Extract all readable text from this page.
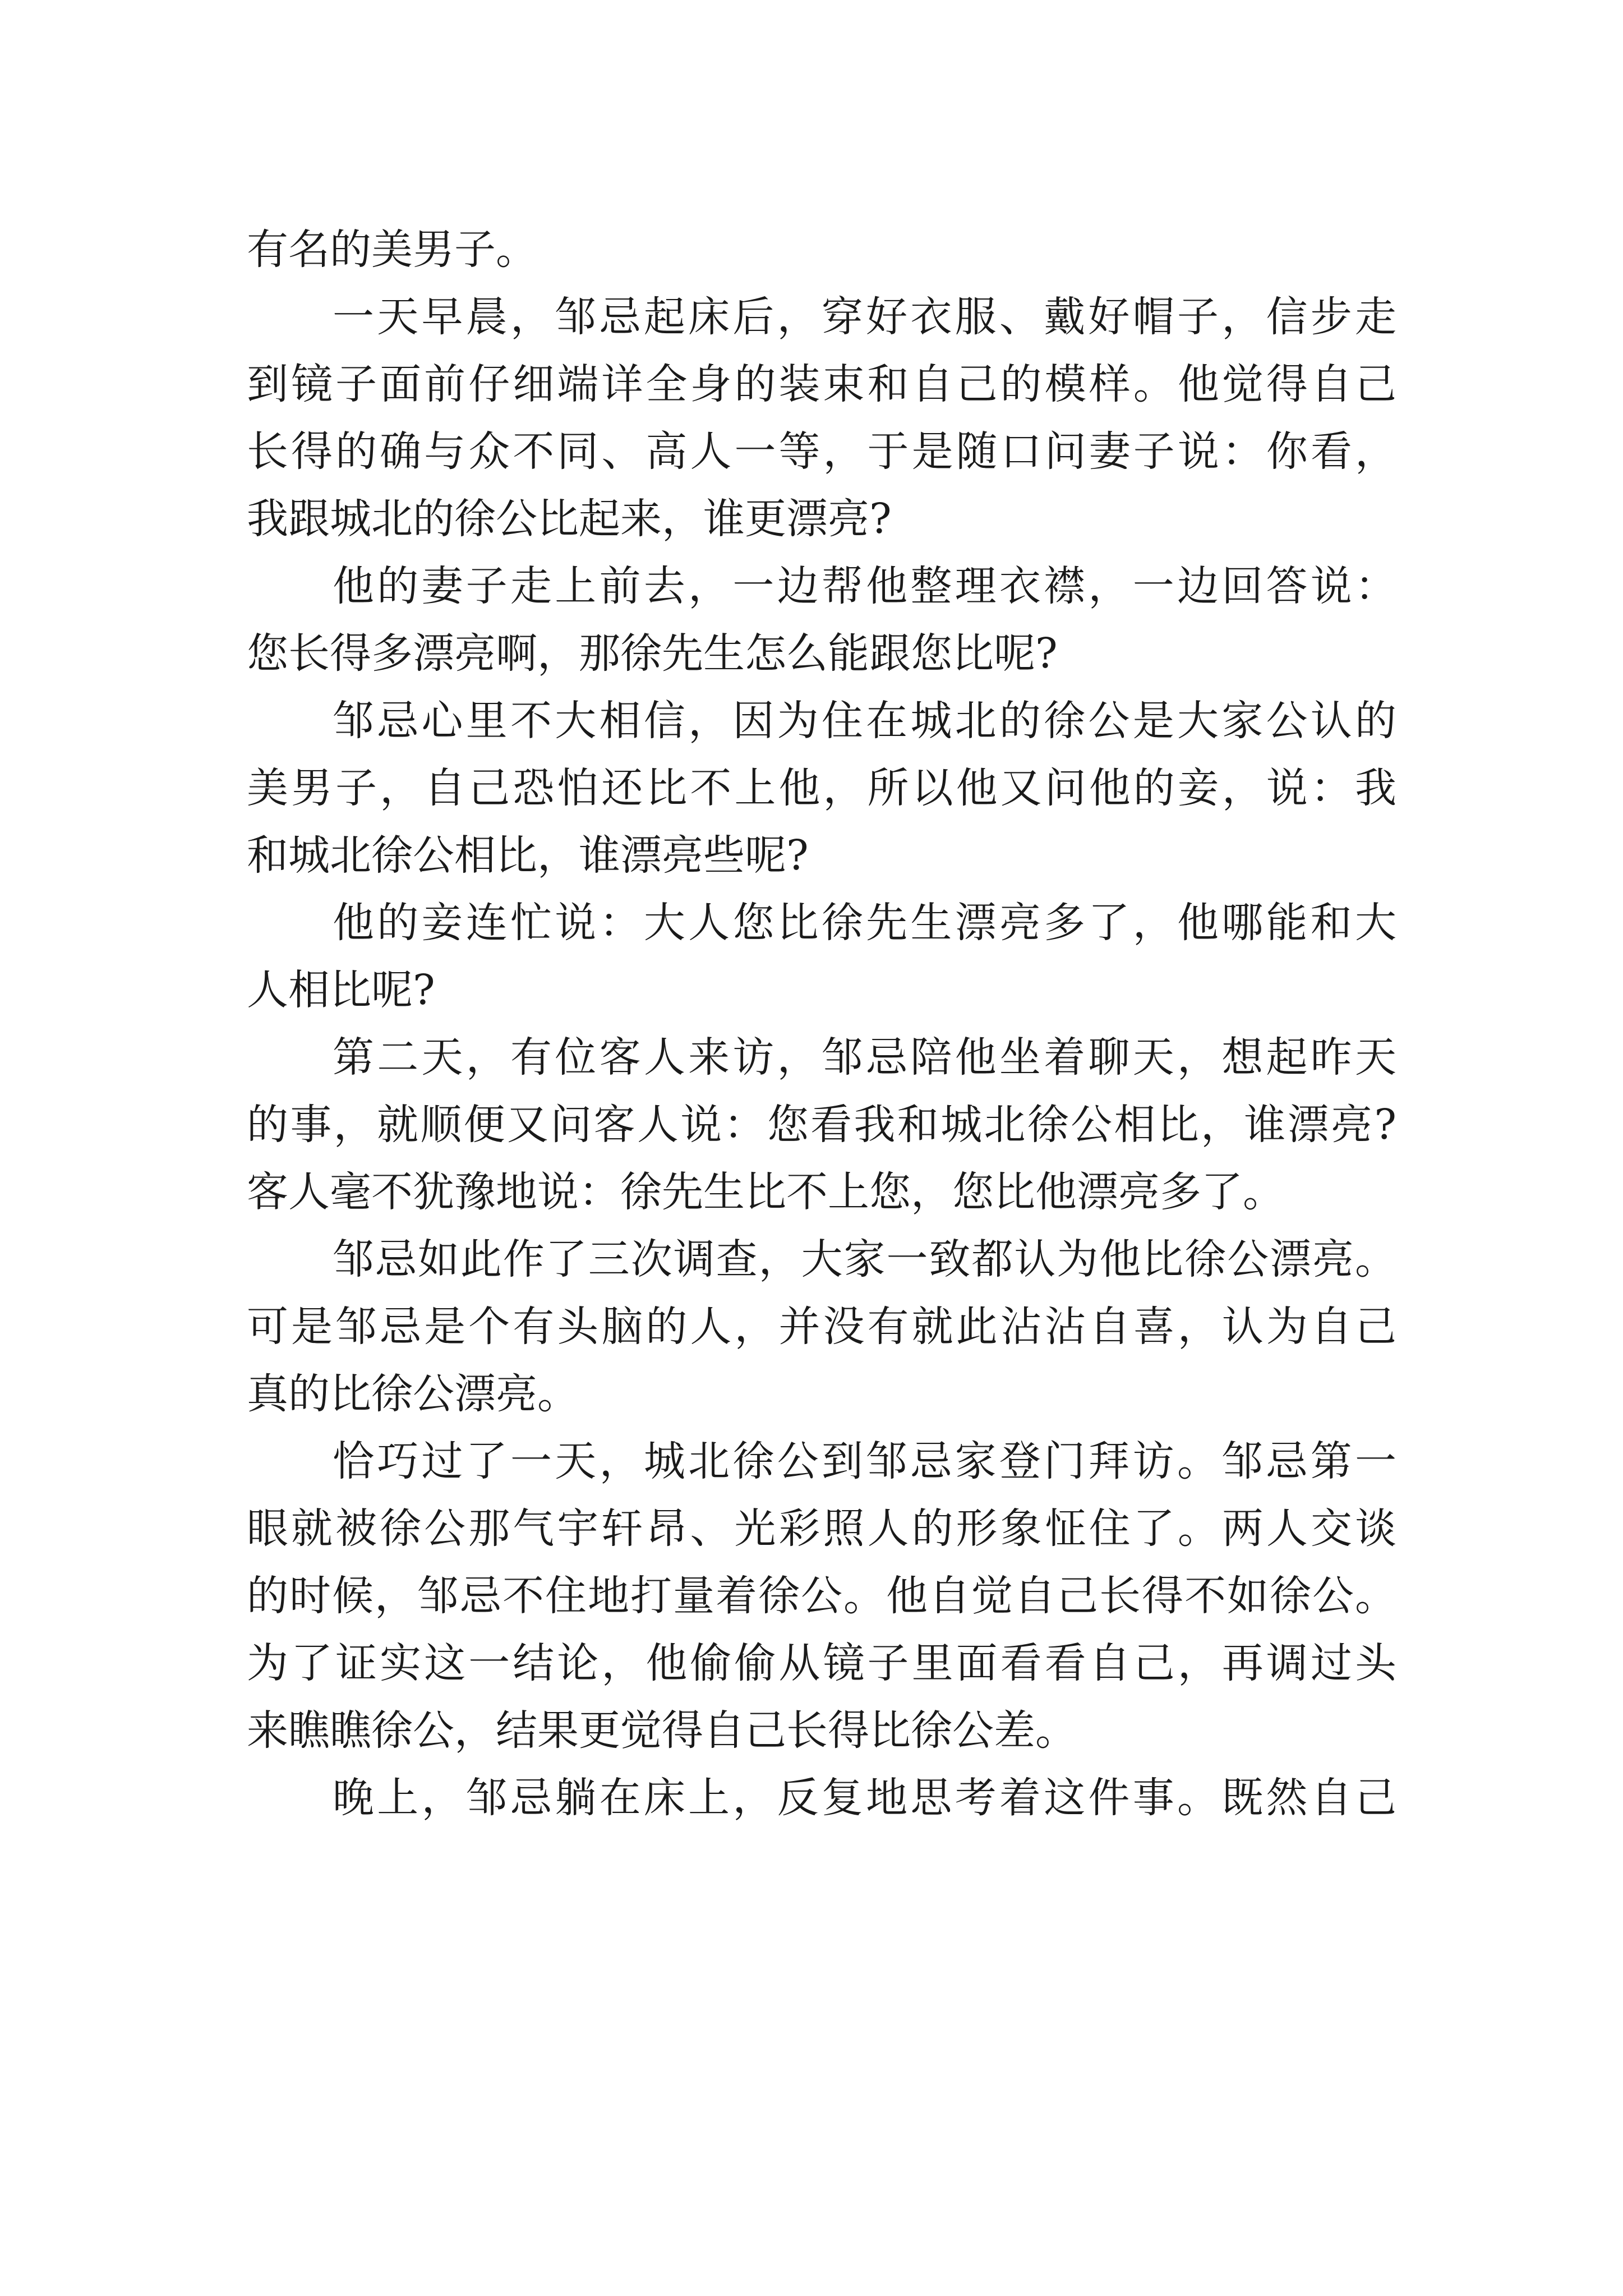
有名的美男子。
一天早晨，邹忌起床后，穿好衣服、戴好帽子，信步走
到镜子面前仔细端详全身的装束和自己的模样。他觉得自己
长得的确与众不同、高人一等，于是随口问妻子说：你看，
我跟城北的徐公比起来，谁更漂亮?
他的妻子走上前去，一边帮他整理衣襟，一边回答说：
您长得多漂亮啊，那徐先生怎么能跟您比呢?
邹忌心里不大相信，因为住在城北的徐公是大家公认的
美男子，自己恐怕还比不上他，所以他又问他的妾，说：我
和城北徐公相比，谁漂亮些呢?
他的妾连忙说：大人您比徐先生漂亮多了，他哪能和大
人相比呢?
第二天，有位客人来访，邹忌陪他坐着聊天，想起昨天
的事，就顺便又问客人说：您看我和城北徐公相比，谁漂亮?
客人毫不犹豫地说：徐先生比不上您，您比他漂亮多了。
邹忌如此作了三次调查，大家一致都认为他比徐公漂亮。
可是邹忌是个有头脑的人，并没有就此沾沾自喜，认为自己
真的比徐公漂亮。
恰巧过了一天，城北徐公到邹忌家登门拜访。邹忌第一
眼就被徐公那气宇轩昂、光彩照人的形象怔住了。两人交谈
的时候，邹忌不住地打量着徐公。他自觉自己长得不如徐公。
为了证实这一结论，他偷偷从镜子里面看看自己，再调过头
来瞧瞧徐公，结果更觉得自己长得比徐公差。
晚上，邹忌躺在床上，反复地思考着这件事。既然自己
